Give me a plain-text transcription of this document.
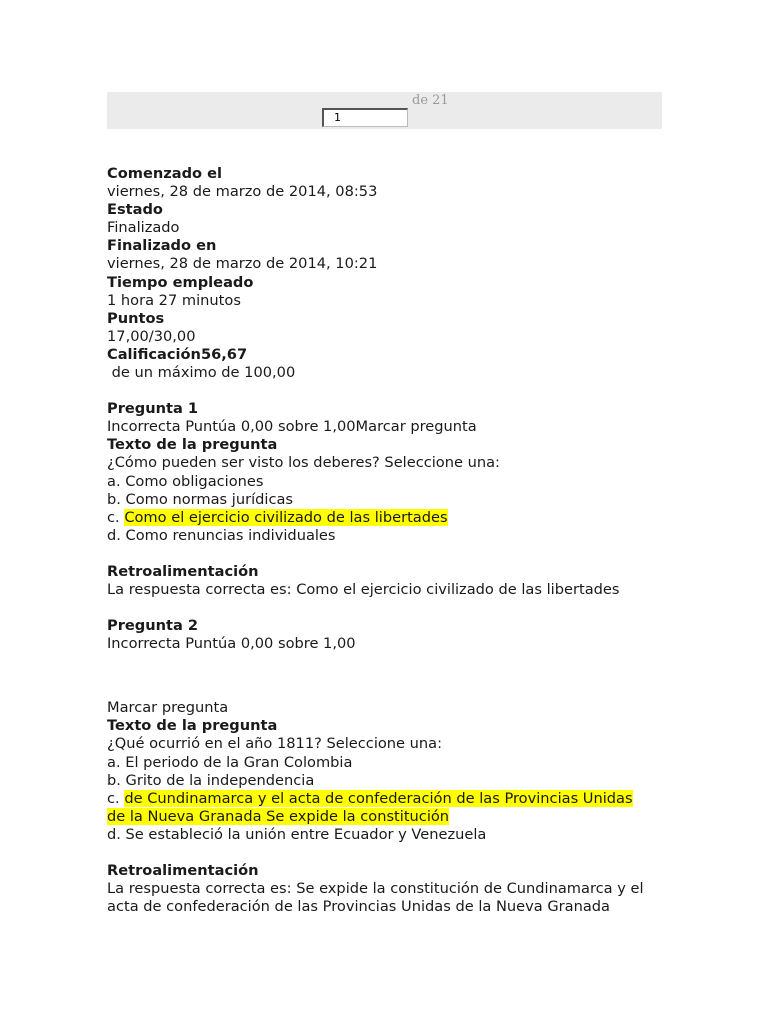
1
de 21
Comenzado el
viernes, 28 de marzo de 2014, 08:53
Estado
Finalizado
Finalizado en
viernes, 28 de marzo de 2014, 10:21
Tiempo empleado
1 hora 27 minutos
Puntos
17,00/30,00
Calificación56,67
de un máximo de 100,00
Pregunta 1
Incorrecta Puntúa 0,00 sobre 1,00Marcar pregunta
Texto de la pregunta
¿Cómo pueden ser visto los deberes? Seleccione una:
a. Como obligaciones
b. Como normas jurídicas
c. Como el ejercicio civilizado de las libertades
d. Como renuncias individuales
Retroalimentación
La respuesta correcta es: Como el ejercicio civilizado de las libertades
Pregunta 2
Incorrecta Puntúa 0,00 sobre 1,00
Marcar pregunta
Texto de la pregunta
¿Qué ocurrió en el año 1811? Seleccione una:
a. El periodo de la Gran Colombia
b. Grito de la independencia
c. de Cundinamarca y el acta de confederación de las Provincias Unidas
de la Nueva Granada Se expide la constitución
d. Se estableció la unión entre Ecuador y Venezuela
Retroalimentación
La respuesta correcta es: Se expide la constitución de Cundinamarca y el acta de confederación de las Provincias Unidas de la Nueva Granada
